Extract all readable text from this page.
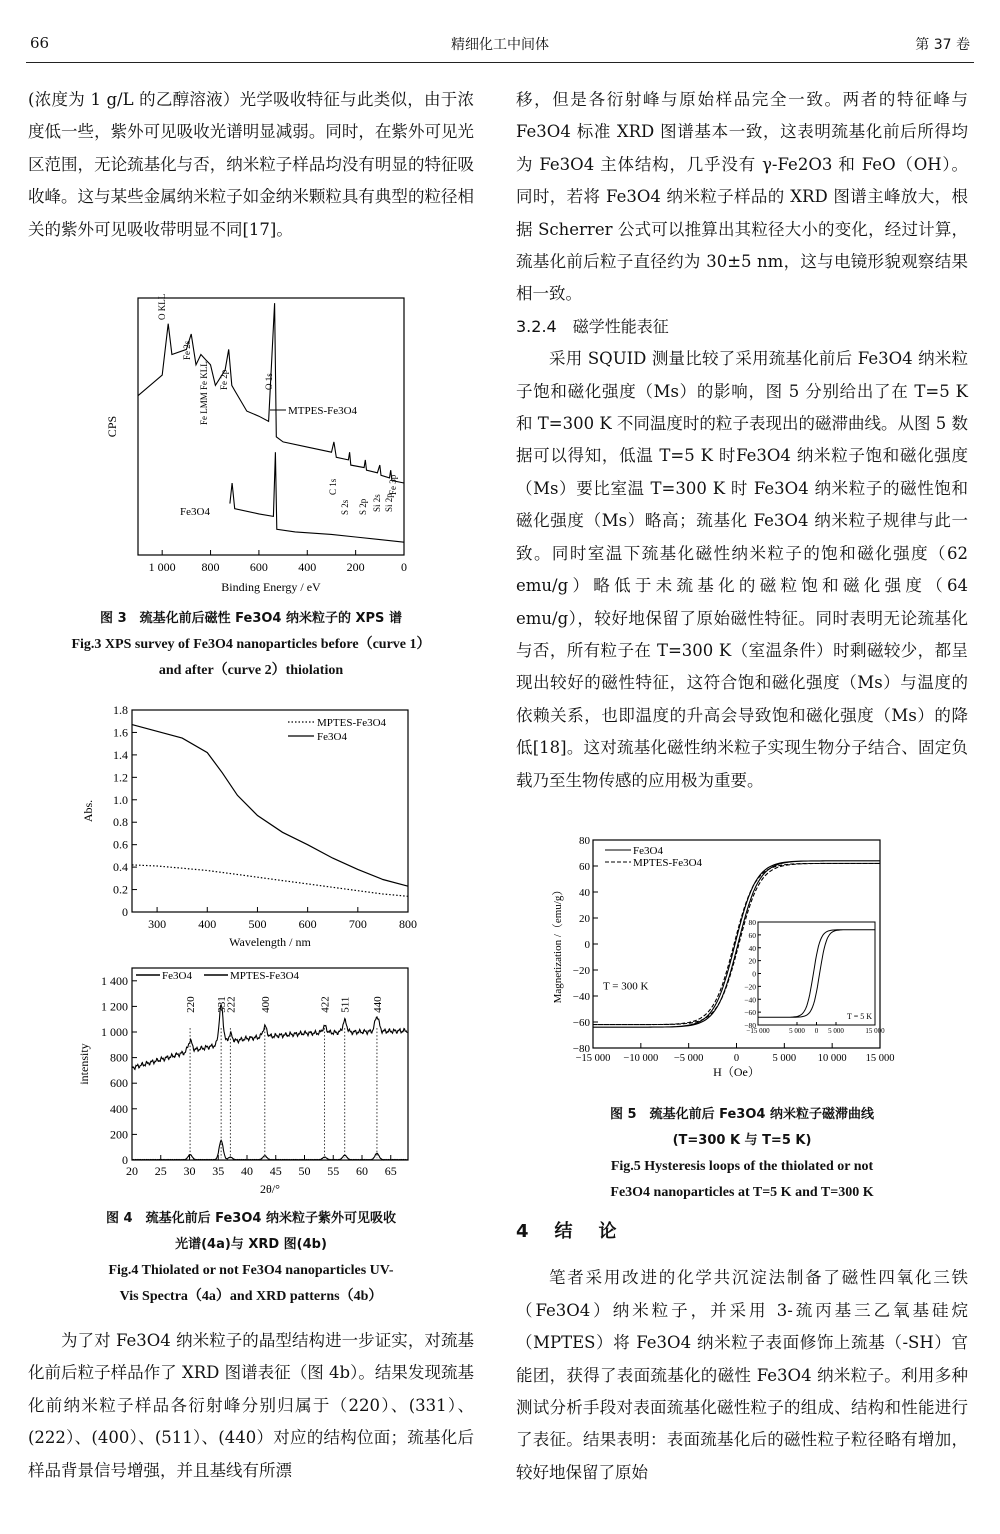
66	精细化工中间体	第 37 卷

(浓度为 1 g/L 的乙醇溶液）光学吸收特征与此类似，由于浓度低一些，紫外可见吸收光谱明显减弱。同时，在紫外可见光区范围，无论巯基化与否，纳米粒子样品均没有明显的特征吸收峰。这与某些金属纳米粒子如金纳米颗粒具有典型的粒径相关的紫外可见吸收带明显不同[17]。

1 000 800	600	400	200	0
Binding Energy / eV
CPS
MTPES-Fe3O4
Fe3O4
O KLL
Fe 2s
Fe KLL
Fe LMM
Fe 2p	O 1s
C 1s
S 2s S 2p Si 2s Si 2p
Fe 3p
图 3　巯基化前后磁性 Fe3O4 纳米粒子的 XPS 谱
Fig.3 XPS survey of Fe3O4 nanoparticles before（curve 1）
and after（curve 2）thiolation
300	400	500	600	700	800
0
0.2
0.4
0.6
0.8
1.0
1.2
1.4
1.6
1.8
Wavelength / nm
Abs.
MPTES-Fe3O4
Fe3O4
20 25 30 35 40 45 50 55 60 65
0
200
400
600
800
1 000
1 200
1 400
2θ/°
intensity
220 331
222 400	422 511 440
Fe3O4	MPTES-Fe3O4
图 4　巯基化前后 Fe3O4 纳米粒子紫外可见吸收
光谱(4a)与 XRD 图(4b)
Fig.4 Thiolated or not Fe3O4 nanoparticles UV-
Vis Spectra（4a）and XRD patterns（4b）

为了对 Fe3O4 纳米粒子的晶型结构进一步证实，对巯基化前后粒子样品作了 XRD 图谱表征（图 4b）。结果发现巯基化前纳米粒子样品各衍射峰分别归属于（220）、(331）、(222）、(400）、(511）、(440）对应的结构位面；巯基化后样品背景信号增强，并且基线有所漂

移，但是各衍射峰与原始样品完全一致。两者的特征峰与 Fe3O4 标准 XRD 图谱基本一致，这表明巯基化前后所得均为 Fe3O4 主体结构，几乎没有 γ-Fe2O3 和 FeO（OH）。同时，若将 Fe3O4 纳米粒子样品的 XRD 图谱主峰放大，根据 Scherrer 公式可以推算出其粒径大小的变化，经过计算，巯基化前后粒子直径约为 30±5 nm，这与电镜形貌观察结果相一致。

3.2.4　磁学性能表征

采用 SQUID 测量比较了采用巯基化前后 Fe3O4 纳米粒子饱和磁化强度（Ms）的影响，图 5 分别给出了在 T=5 K 和 T=300 K 不同温度时的粒子表现出的磁滞曲线。从图 5 数据可以得知，低温 T=5 K 时Fe3O4 纳米粒子饱和磁化强度（Ms）要比室温 T=300 K 时 Fe3O4 纳米粒子的磁性饱和磁化强度（Ms）略高；巯基化 Fe3O4 纳米粒子规律与此一致。同时室温下巯基化磁性纳米粒子的饱和磁化强度（62 emu/g）略低于未巯基化的磁粒饱和磁化强度（64 emu/g），较好地保留了原始磁性特征。同时表明无论巯基化与否，所有粒子在 T=300 K（室温条件）时剩磁较少，都呈现出较好的磁性特征，这符合饱和磁化强度（Ms）与温度的依赖关系，也即温度的升高会导致饱和磁化强度（Ms）的降低[18]。这对巯基化磁性纳米粒子实现生物分子结合、固定负载乃至生物传感的应用极为重要。

−15 000 −10 000 −5 000	0	5 000 10 000 15 000
−80
−60
−40
−20
0
20
40
60
80
H（Oe）
Magnetization /（emu/g）
Fe3O4
MPTES-Fe3O4
T = 300 K
−80
−60
−40
−20
0
20
40
60
80
−15 000	5 000 0 5 000	15 000
T = 5 K
图 5　巯基化前后 Fe3O4 纳米粒子磁滞曲线
(T=300 K 与 T=5 K)
Fig.5 Hysteresis loops of the thiolated or not
Fe3O4 nanoparticles at T=5 K and T=300 K

4　结　论

笔者采用改进的化学共沉淀法制备了磁性四氧化三铁（Fe3O4）纳米粒子，并采用 3-巯丙基三乙氧基硅烷（MPTES）将 Fe3O4 纳米粒子表面修饰上巯基（-SH）官能团，获得了表面巯基化的磁性 Fe3O4 纳米粒子。利用多种测试分析手段对表面巯基化磁性粒子的组成、结构和性能进行了表征。结果表明：表面巯基化后的磁性粒子粒径略有增加，较好地保留了原始
